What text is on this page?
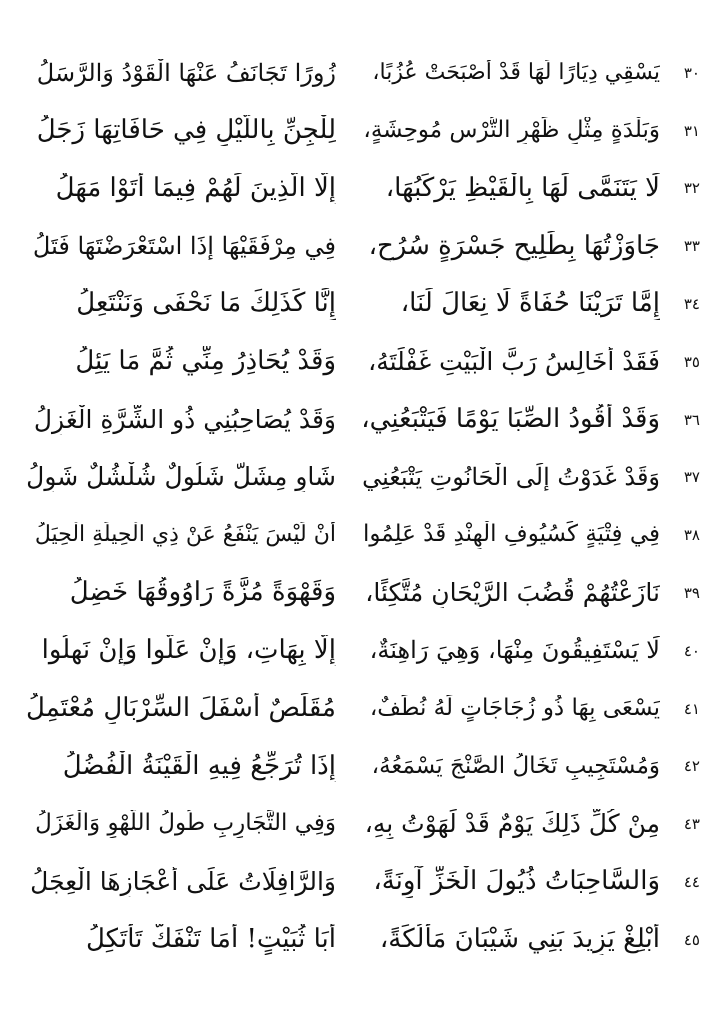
٣٠
يَسْقِي دِيَارًا لَهَا قَدْ أَصْبَحَتْ عُزُبًا،
زُورًا تَجَانَفُ عَنْهَا الْقَوْدُ وَالرَّسَلُ
٣١
وَبَلْدَةٍ مِثْلِ ظَهْرِ التُّرْسِ مُوحِشَةٍ،
لِلْجِنِّ بِاللَّيْلِ فِي حَافَاتِهَا زَجَلُ
٣٢
لَا يَتَنَمَّى لَهَا بِالْقَيْظِ يَرْكَبُهَا،
إِلَّا الَّذِينَ لَهُمْ فِيمَا أَتَوْا مَهَلُ
٣٣
جَاوَزْتُهَا بِطَلِيحٍ جَسْرَةٍ سُرُحٍ،
فِي مِرْفَقَيْهَا إِذَا اسْتَعْرَضْتَهَا فَتَلُ
٣٤
إِمَّا تَرَيْنَا حُفَاةً لَا نِعَالَ لَنَا،
إِنَّا كَذَلِكَ مَا نَحْفَى وَنَنْتَعِلُ
٣٥
فَقَدْ أُخَالِسُ رَبَّ الْبَيْتِ غَفْلَتَهُ،
وَقَدْ يُحَاذِرُ مِنِّي ثُمَّ مَا يَئِلُ
٣٦
وَقَدْ أَقُودُ الصِّبَا يَوْمًا فَيَتْبَعُنِي،
وَقَدْ يُصَاحِبُنِي ذُو الشِّرَّةِ الْغَزِلُ
٣٧
وَقَدْ غَدَوْتُ إِلَى الْحَانُوتِ يَتْبَعُنِي
شَاوٍ مِشَلٌّ شَلُولٌ شُلْشُلٌ شَوِلُ
٣٨
فِي فِتْيَةٍ كَسُيُوفِ الْهِنْدِ قَدْ عَلِمُوا
أَنْ لَيْسَ يَنْفَعُ عَنْ ذِي الْحِيلَةِ الْحِيَلُ
٣٩
نَازَعْتُهُمْ قُضُبَ الرَّيْحَانِ مُتَّكِئًا،
وَقَهْوَةً مُزَّةً رَاوُوقُهَا خَضِلُ
٤٠
لَا يَسْتَفِيقُونَ مِنْهَا، وَهِيَ رَاهِنَةٌ،
إِلَّا بِهَاتِ، وَإِنْ عَلُّوا وَإِنْ نَهِلُوا
٤١
يَسْعَى بِهَا ذُو زُجَاجَاتٍ لَهُ نُطَفٌ،
مُقَلِّصٌ أَسْفَلَ السِّرْبَالِ مُعْتَمِلُ
٤٢
وَمُسْتَجِيبٍ تَخَالُ الصَّنْجَ يَسْمَعُهُ،
إِذَا تُرَجِّعُ فِيهِ الْقَيْنَةُ الْفُضُلُ
٤٣
مِنْ كُلِّ ذَلِكَ يَوْمٌ قَدْ لَهَوْتُ بِهِ،
وَفِي التَّجَارِبِ طُولُ اللَّهْوِ وَالْغَزَلُ
٤٤
وَالسَّاحِبَاتُ ذُيُولَ الْخَزِّ آوِنَةً،
وَالرَّافِلَاتُ عَلَى أَعْجَازِهَا الْعِجَلُ
٤٥
أَبْلِغْ يَزِيدَ بَنِي شَيْبَانَ مَأْلُكَةً،
أَبَا ثُبَيْتٍ! أَمَا تَنْفَكُّ تَأْتَكِلُ
